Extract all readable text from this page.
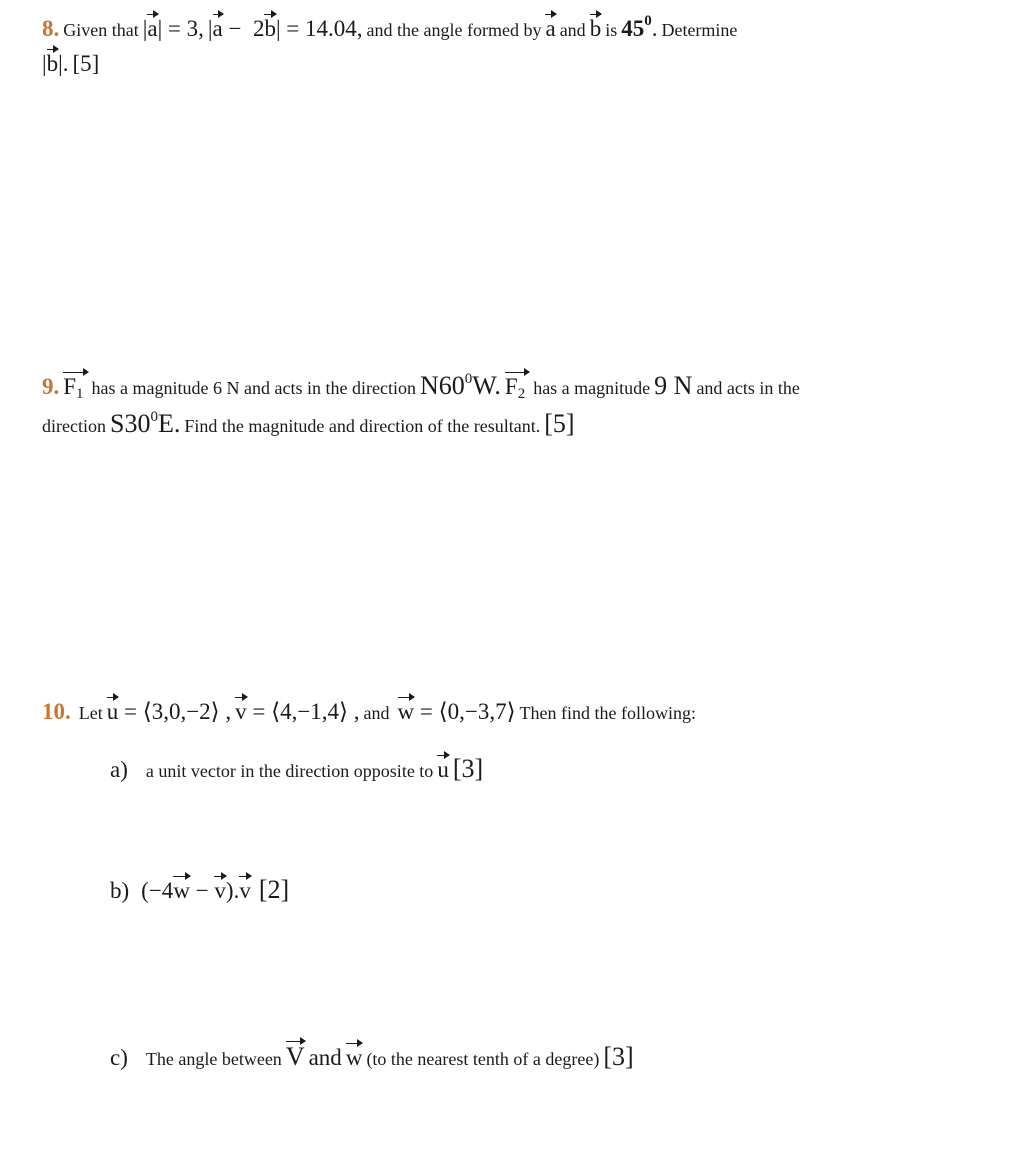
8. Given that |a| = 3, |a −  2b| = 14.04, and the angle formed by a and b is $45^0$. Determine
|b|. [5]
9. $F_1$ has a magnitude 6 N and acts in the direction $N60^0W$. $F_2$ has a magnitude 9 N and acts in the
direction $S30^0E$. Find the magnitude and direction of the resultant. [5]
10. Let u = ⟨3,0,−2⟩ , v = ⟨4,−1,4⟩ , and w = ⟨0,−3,7⟩ Then find the following:
a) a unit vector in the direction opposite to u [3]
b) (−4w − v).v [2]
c) The angle between V and w (to the nearest tenth of a degree) [3]
